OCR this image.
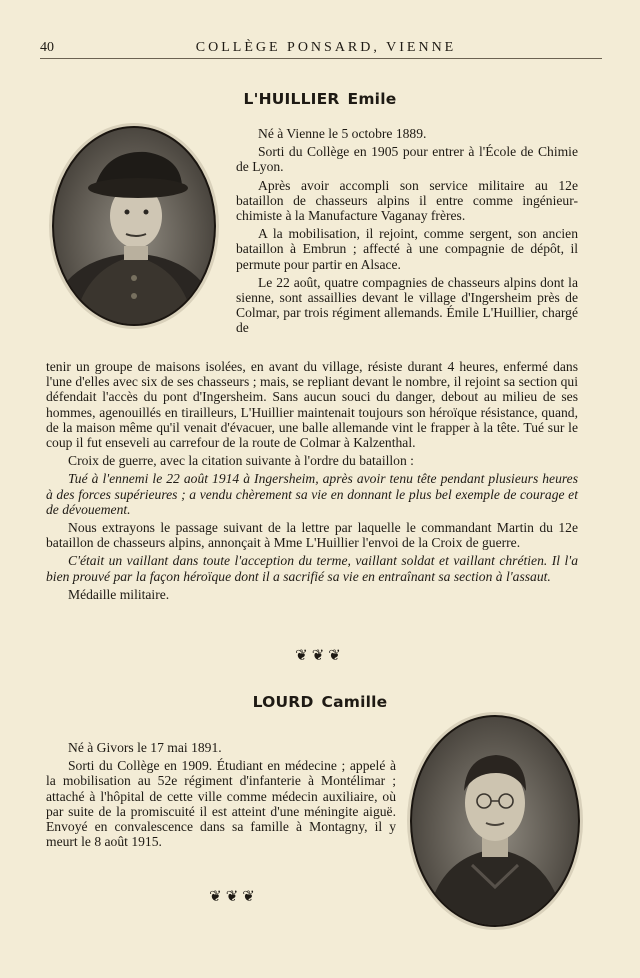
40	COLLÈGE PONSARD, VIENNE
L'HUILLIER Emile

Né à Vienne le 5 octobre 1889.

Sorti du Collège en 1905 pour entrer à l'École de Chimie de Lyon.

Après avoir accompli son service militaire au 12e bataillon de chasseurs alpins il entre comme ingénieur-chimiste à la Manufacture Vaganay frères.

A la mobilisation, il rejoint, comme sergent, son ancien bataillon à Embrun ; affecté à une compagnie de dépôt, il permute pour partir en Alsace.

Le 22 août, quatre compagnies de chasseurs alpins dont la sienne, sont assaillies devant le village d'Ingersheim près de Colmar, par trois régiment allemands. Émile L'Huillier, chargé de

tenir un groupe de maisons isolées, en avant du village, résiste durant 4 heures, enfermé dans l'une d'elles avec six de ses chasseurs ; mais, se repliant devant le nombre, il rejoint sa section qui défendait l'accès du pont d'Ingersheim. Sans aucun souci du danger, debout au milieu de ses hommes, agenouillés en tirailleurs, L'Huillier maintenait toujours son héroïque résistance, quand, de la maison même qu'il venait d'évacuer, une balle allemande vint le frapper à la tête. Tué sur le coup il fut enseveli au carrefour de la route de Colmar à Kalzenthal.

Croix de guerre, avec la citation suivante à l'ordre du bataillon :

Tué à l'ennemi le 22 août 1914 à Ingersheim, après avoir tenu tête pendant plusieurs heures à des forces supérieures ; a vendu chèrement sa vie en donnant le plus bel exemple de courage et de dévouement.

Nous extrayons le passage suivant de la lettre par laquelle le commandant Martin du 12e bataillon de chasseurs alpins, annonçait à Mme L'Huillier l'envoi de la Croix de guerre.

C'était un vaillant dans toute l'acception du terme, vaillant soldat et vaillant chrétien. Il l'a bien prouvé par la façon héroïque dont il a sacrifié sa vie en entraînant sa section à l'assaut.

Médaille militaire.

❦❦❦
LOURD Camille

Né à Givors le 17 mai 1891.

Sorti du Collège en 1909. Étudiant en médecine ; appelé à la mobilisation au 52e régiment d'infanterie à Montélimar ; attaché à l'hôpital de cette ville comme médecin auxiliaire, où par suite de la promiscuité il est atteint d'une méningite aiguë. Envoyé en convalescence dans sa famille à Montagny, il y meurt le 8 août 1915.

❦❦❦
